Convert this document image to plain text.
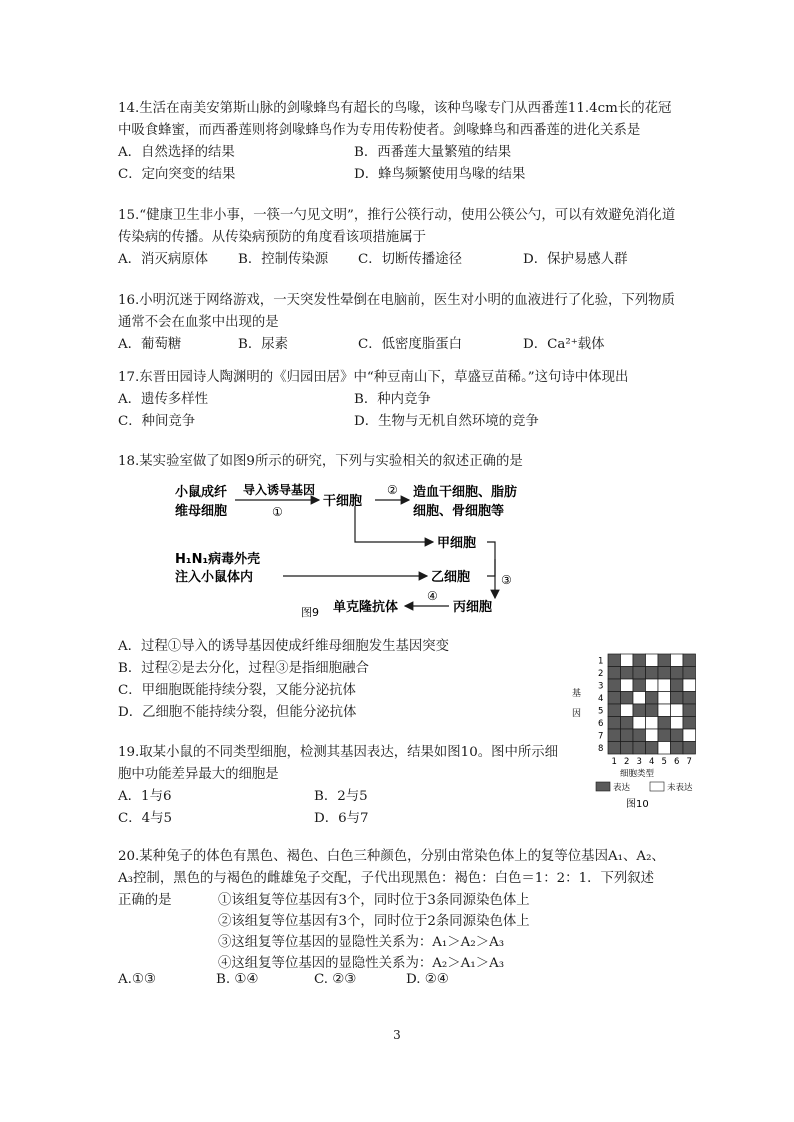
14.生活在南美安第斯山脉的剑喙蜂鸟有超长的鸟喙，该种鸟喙专门从西番莲11.4cm长的花冠中吸食蜂蜜，而西番莲则将剑喙蜂鸟作为专用传粉使者。剑喙蜂鸟和西番莲的进化关系是

A．自然选择的结果	B．西番莲大量繁殖的结果
C．定向突变的结果	D．蜂鸟频繁使用鸟喙的结果

15.“健康卫生非小事，一筷一勺见文明”，推行公筷行动，使用公筷公勺，可以有效避免消化道传染病的传播。从传染病预防的角度看该项措施属于

A．消灭病原体	B．控制传染源	C．切断传播途径	D．保护易感人群

16.小明沉迷于网络游戏，一天突发性晕倒在电脑前，医生对小明的血液进行了化验，下列物质通常不会在血浆中出现的是

A．葡萄糖	B．尿素	C．低密度脂蛋白	D．Ca²⁺载体

17.东晋田园诗人陶渊明的《归园田居》中“种豆南山下，草盛豆苗稀。”这句诗中体现出

A．遗传多样性	B．种内竞争
C．种间竞争	D．生物与无机自然环境的竞争

18.某实验室做了如图9所示的研究，下列与实验相关的叙述正确的是

小鼠成纤
维母细胞
导入诱导基因
①
干细胞
② 造血干细胞、脂肪
细胞、骨细胞等
甲细胞
H₁N₁病毒外壳
注入小鼠体内	乙细胞	③
丙细胞
④
单克隆抗体
图9
A．过程①导入的诱导基因使成纤维母细胞发生基因突变
B．过程②是去分化，过程③是指细胞融合
C．甲细胞既能持续分裂，又能分泌抗体
D．乙细胞不能持续分裂，但能分泌抗体

19.取某小鼠的不同类型细胞，检测其基因表达，结果如图10。图中所示细胞中功能差异最大的细胞是

A．1与6	B．2与5
C．4与5	D．6与7
基
因
1
2
3
4
5
6
7
8
1 2 3 4 5 6 7
细胞类型
表达	未表达
图10
20.某种兔子的体色有黑色、褐色、白色三种颜色，分别由常染色体上的复等位基因A₁、A₂、
A₃控制，黑色的与褐色的雌雄兔子交配，子代出现黑色：褐色：白色＝1：2：1．下列叙述
正确的是	①该组复等位基因有3个，同时位于3条同源染色体上
②该组复等位基因有3个，同时位于2条同源染色体上
③这组复等位基因的显隐性关系为：A₁＞A₂＞A₃
④这组复等位基因的显隐性关系为：A₂＞A₁＞A₃
A.①③	B. ①④	C. ②③	D. ②④
3
